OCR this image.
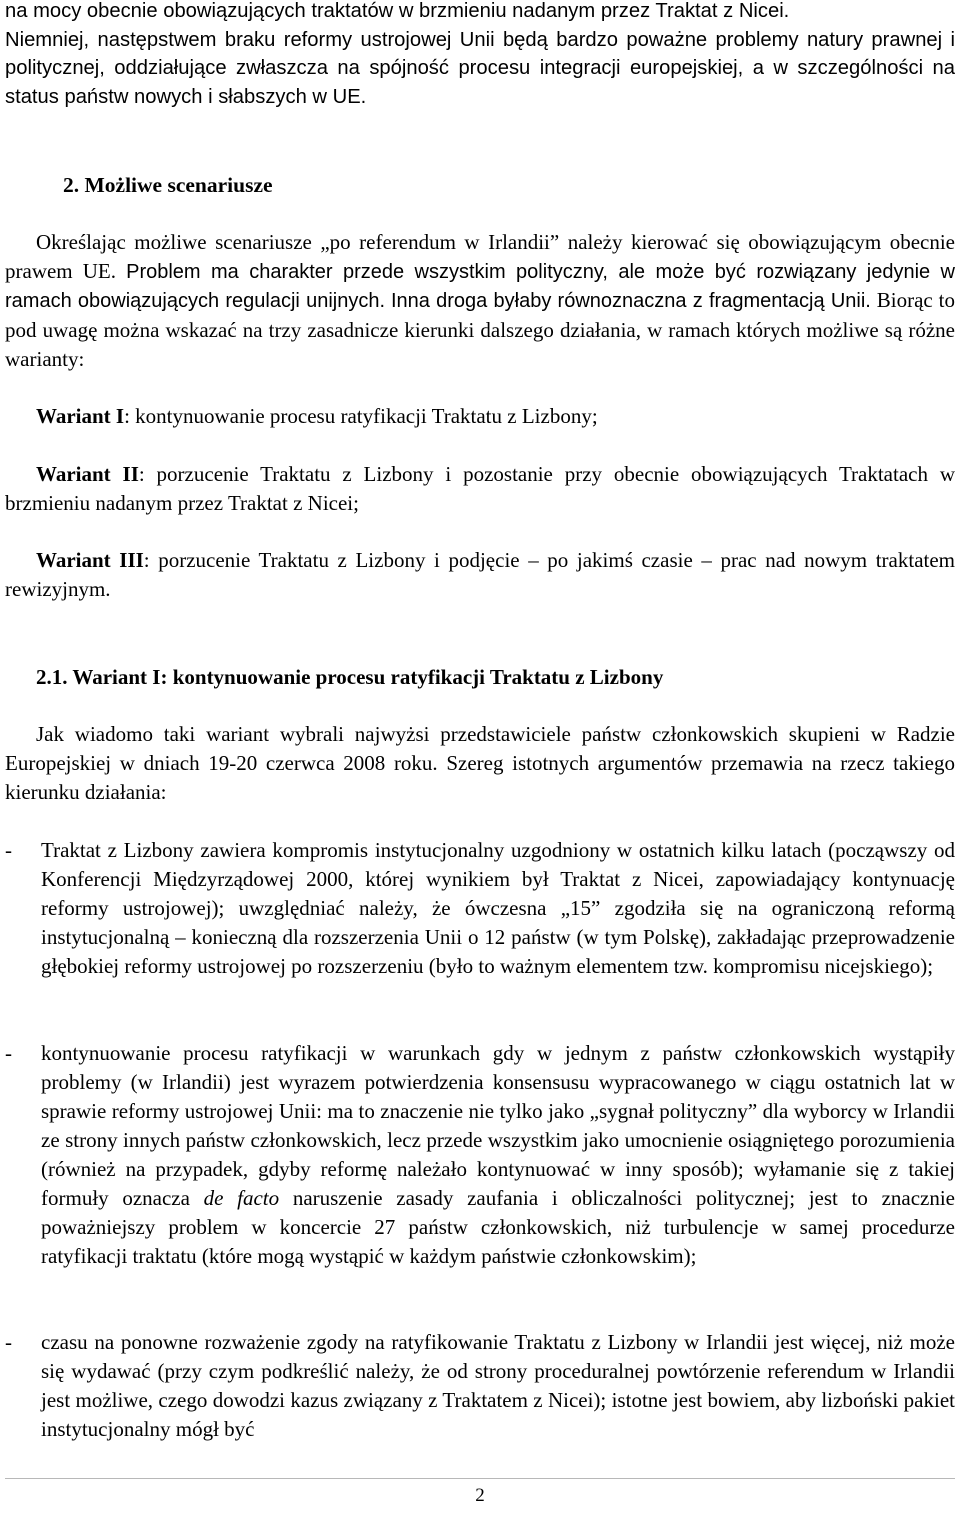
na mocy obecnie obowiązujących traktatów w brzmieniu nadanym przez Traktat z Nicei.

Niemniej, następstwem braku reformy ustrojowej Unii będą bardzo poważne problemy natury prawnej i politycznej, oddziałujące zwłaszcza na spójność procesu integracji europejskiej, a w szczególności na status państw nowych i słabszych w UE.

2. Możliwe scenariusze

Określając możliwe scenariusze „po referendum w Irlandii” należy kierować się obowiązującym obecnie prawem UE. Problem ma charakter przede wszystkim polityczny, ale może być rozwiązany jedynie w ramach obowiązujących regulacji unijnych. Inna droga byłaby równoznaczna z fragmentacją Unii. Biorąc to pod uwagę można wskazać na trzy zasadnicze kierunki dalszego działania, w ramach których możliwe są różne warianty:

Wariant I: kontynuowanie procesu ratyfikacji Traktatu z Lizbony;

Wariant II: porzucenie Traktatu z Lizbony i pozostanie przy obecnie obowiązujących Traktatach w brzmieniu nadanym przez Traktat z Nicei;

Wariant III: porzucenie Traktatu z Lizbony i podjęcie – po jakimś czasie – prac nad nowym traktatem rewizyjnym.

2.1. Wariant I: kontynuowanie procesu ratyfikacji Traktatu z Lizbony

Jak wiadomo taki wariant wybrali najwyżsi przedstawiciele państw członkowskich skupieni w Radzie Europejskiej w dniach 19-20 czerwca 2008 roku. Szereg istotnych argumentów przemawia na rzecz takiego kierunku działania:

- Traktat z Lizbony zawiera kompromis instytucjonalny uzgodniony w ostatnich kilku latach (począwszy od Konferencji Międzyrządowej 2000, której wynikiem był Traktat z Nicei, zapowiadający kontynuację reformy ustrojowej); uwzględniać należy, że ówczesna „15” zgodziła się na ograniczoną reformą instytucjonalną – konieczną dla rozszerzenia Unii o 12 państw (w tym Polskę), zakładając przeprowadzenie głębokiej reformy ustrojowej po rozszerzeniu (było to ważnym elementem tzw. kompromisu nicejskiego);
- kontynuowanie procesu ratyfikacji w warunkach gdy w jednym z państw członkowskich wystąpiły problemy (w Irlandii) jest wyrazem potwierdzenia konsensusu wypracowanego w ciągu ostatnich lat w sprawie reformy ustrojowej Unii: ma to znaczenie nie tylko jako „sygnał polityczny” dla wyborcy w Irlandii ze strony innych państw członkowskich, lecz przede wszystkim jako umocnienie osiągniętego porozumienia (również na przypadek, gdyby reformę należało kontynuować w inny sposób); wyłamanie się z takiej formuły oznacza de facto naruszenie zasady zaufania i obliczalności politycznej; jest to znacznie poważniejszy problem w koncercie 27 państw członkowskich, niż turbulencje w samej procedurze ratyfikacji traktatu (które mogą wystąpić w każdym państwie członkowskim);
- czasu na ponowne rozważenie zgody na ratyfikowanie Traktatu z Lizbony w Irlandii jest więcej, niż może się wydawać (przy czym podkreślić należy, że od strony proceduralnej powtórzenie referendum w Irlandii jest możliwe, czego dowodzi kazus związany z Traktatem z Nicei); istotne jest bowiem, aby lizboński pakiet instytucjonalny mógł być
2
